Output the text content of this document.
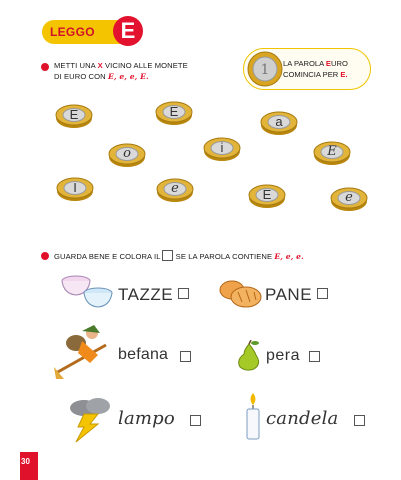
LEGGO	E
METTI UNA X VICINO ALLE MONETE
DI EURO CON E, e, e, E.	1 LA PAROLA EURO
COMINCIA PER E.
E	E
a
o	i	E
I	e	E	e
GUARDA BENE E COLORA IL  SE LA PAROLA CONTIENE E, e, e.
TAZZE	PANE
befana	pera
lampo	candela
30
